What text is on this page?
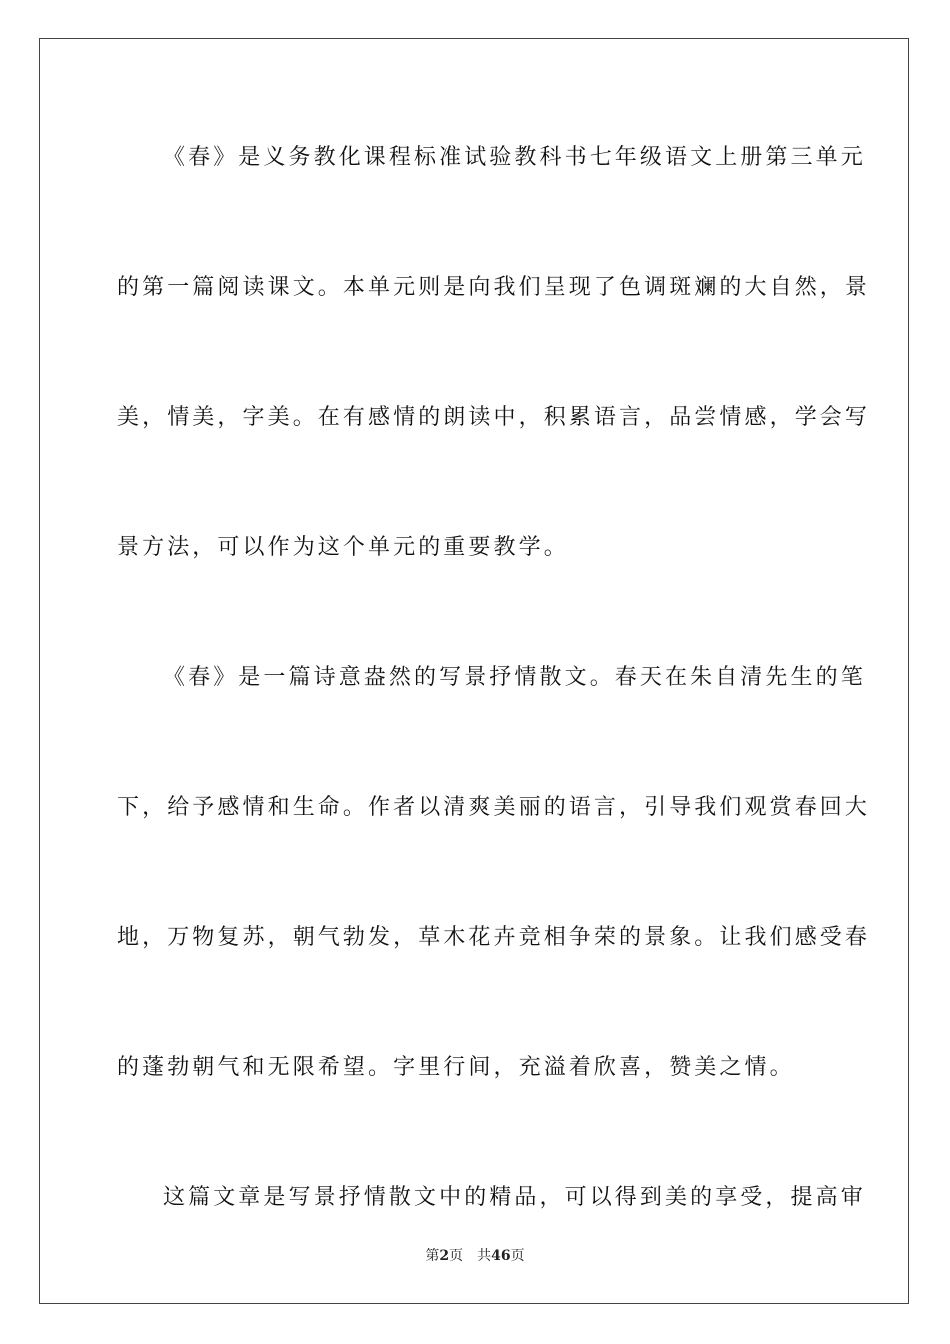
《春》是义务教化课程标准试验教科书七年级语文上册第三单元
的第一篇阅读课文。本单元则是向我们呈现了色调斑斓的大自然，景
美，情美，字美。在有感情的朗读中，积累语言，品尝情感，学会写
景方法，可以作为这个单元的重要教学。
《春》是一篇诗意盎然的写景抒情散文。春天在朱自清先生的笔
下，给予感情和生命。作者以清爽美丽的语言，引导我们观赏春回大
地，万物复苏，朝气勃发，草木花卉竞相争荣的景象。让我们感受春
的蓬勃朝气和无限希望。字里行间，充溢着欣喜，赞美之情。
这篇文章是写景抒情散文中的精品，可以得到美的享受，提高审
第2页 共46页
